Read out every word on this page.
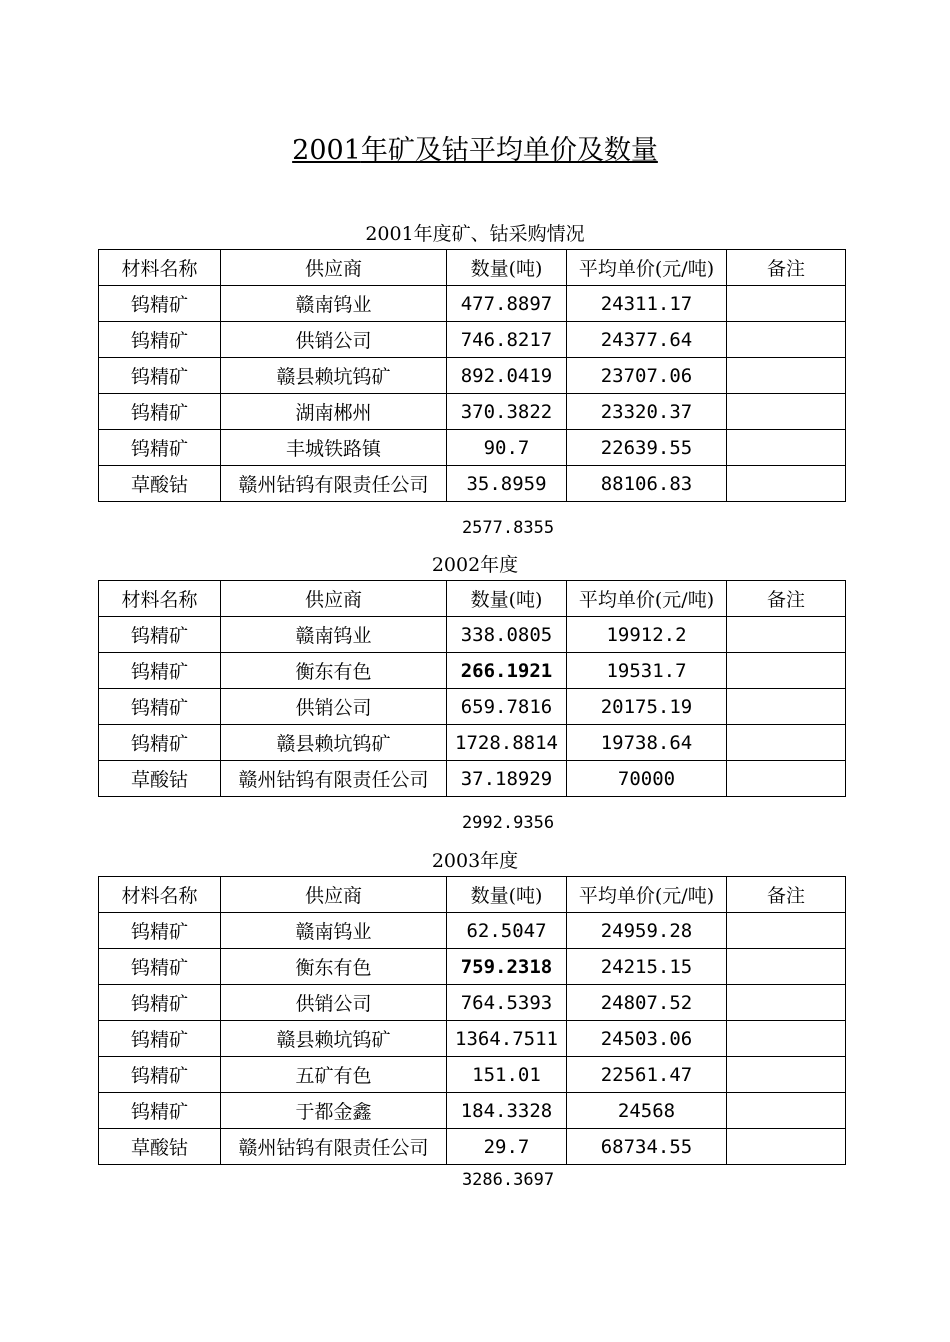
2001年矿及钴平均单价及数量
2001年度矿、钴采购情况
材料名称	供应商	数量(吨)	平均单价(元/吨)	备注
钨精矿	赣南钨业	477.8897	24311.17	
钨精矿	供销公司	746.8217	24377.64	
钨精矿	赣县赖坑钨矿	892.0419	23707.06	
钨精矿	湖南郴州	370.3822	23320.37	
钨精矿	丰城铁路镇	90.7	22639.55	
草酸钴	赣州钴钨有限责任公司	35.8959	88106.83	
2577.8355
2002年度
材料名称	供应商	数量(吨)	平均单价(元/吨)	备注
钨精矿	赣南钨业	338.0805	19912.2	
钨精矿	衡东有色	266.1921	19531.7	
钨精矿	供销公司	659.7816	20175.19	
钨精矿	赣县赖坑钨矿	1728.8814	19738.64	
草酸钴	赣州钴钨有限责任公司	37.18929	70000	
2992.9356
2003年度
材料名称	供应商	数量(吨)	平均单价(元/吨)	备注
钨精矿	赣南钨业	62.5047	24959.28	
钨精矿	衡东有色	759.2318	24215.15	
钨精矿	供销公司	764.5393	24807.52	
钨精矿	赣县赖坑钨矿	1364.7511	24503.06	
钨精矿	五矿有色	151.01	22561.47	
钨精矿	于都金鑫	184.3328	24568	
草酸钴	赣州钴钨有限责任公司	29.7	68734.55	
3286.3697
